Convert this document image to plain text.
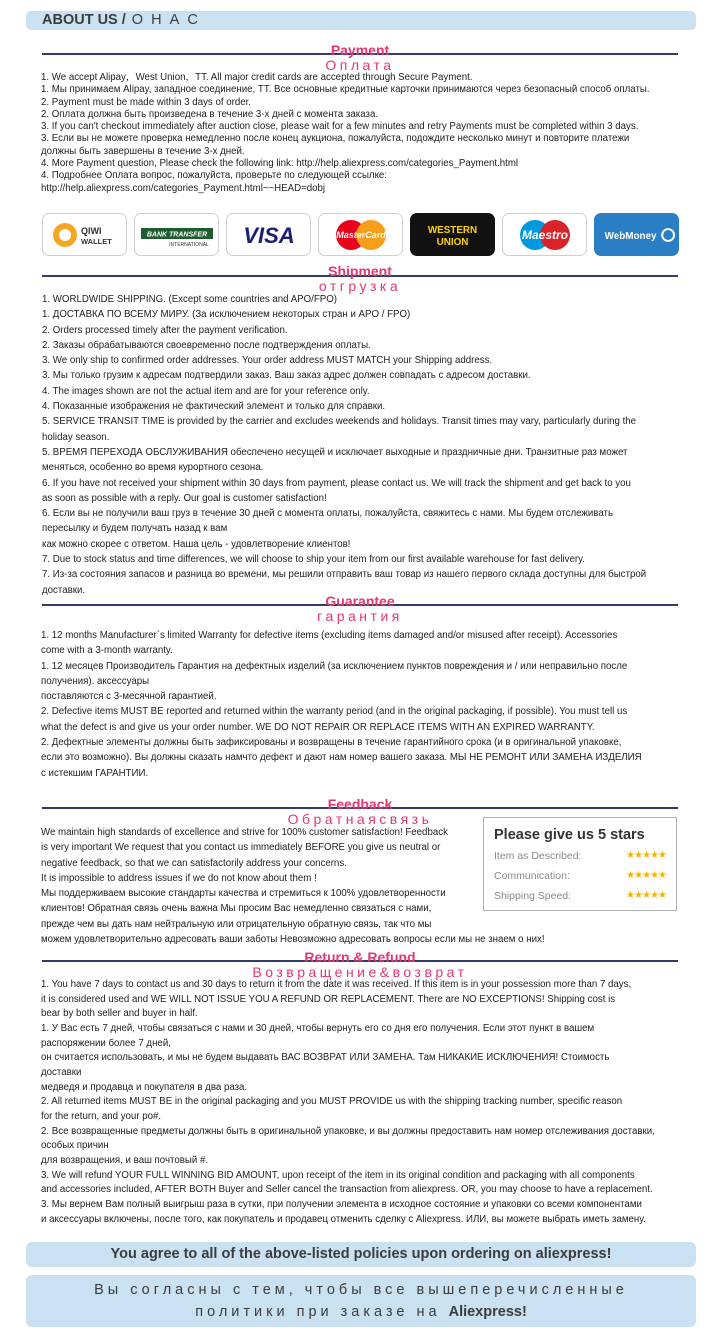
ABOUT US / О Н А С
Payment
Оплата
1. We accept Alipay，West Union，TT. All major credit cards are accepted through Secure Payment.
1. Мы принимаем Alipay, западное соединение, TT. Все основные кредитные карточки принимаются через безопасный способ оплаты.
2. Payment must be made within 3 days of order.
2. Оплата должна быть произведена в течение 3-х дней с момента заказа.
3. If you can't checkout immediately after auction close, please wait for a few minutes and retry Payments must be completed within 3 days.
3. Если вы не можете проверка немедленно после конец аукциона, пожалуйста, подождите несколько минут и повторите платежи
должны быть завершены в течение 3-х дней.
4. More Payment question, Please check the following link: http://help.aliexpress.com/categories_Payment.html
4. Подробнее Оплата вопрос, пожалуйста, проверьте по следующей ссылке:
http://help.aliexpress.com/categories_Payment.html~~HEAD=dobj
QIWI
WALLET
BANK TRANSFER
INTERNATIONAL VISA	MasterCard	WESTERN
UNION
Maestro	WebMoney
Shipment
отгрузка
1. WORLDWIDE SHIPPING. (Except some countries and APO/FPO)
1. ДОСТАВКА ПО ВСЕМУ МИРУ. (За исключением некоторых стран и APO / FPO)
2. Orders processed timely after the payment verification.
2. Заказы обрабатываются своевременно после подтверждения оплаты.
3. We only ship to confirmed order addresses. Your order address MUST MATCH your Shipping address.
3. Мы только грузим к адресам подтвердили заказ. Ваш заказ адрес должен совпадать с адресом доставки.
4. The images shown are not the actual item and are for your reference only.
4. Показанные изображения не фактический элемент и только для справки.
5. SERVICE TRANSIT TIME is provided by the carrier and excludes weekends and holidays. Transit times may vary, particularly during the
holiday season.
5. ВРЕМЯ ПЕРЕХОДА ОБСЛУЖИВАНИЯ обеспечено несущей и исключает выходные и праздничные дни. Транзитные раз может
меняться, особенно во время курортного сезона.
6. If you have not received your shipment within 30 days from payment, please contact us. We will track the shipment and get back to you
as soon as possible with a reply. Our goal is customer satisfaction!
6. Если вы не получили ваш груз в течение 30 дней с момента оплаты, пожалуйста, свяжитесь с нами. Мы будем отслеживать
пересылку и будем получать назад к вам
как можно скорее с ответом. Наша цель - удовлетворение клиентов!
7. Due to stock status and time differences, we will choose to ship your item from our first available warehouse for fast delivery.
7. Из-за состояния запасов и разница во времени, мы решили отправить ваш товар из нашего первого склада доступны для быстрой
доставки.
Guarantee
гарантия
1. 12 months Manufacturer`s limited Warranty for defective items (excluding items damaged and/or misused after receipt). Accessories
come with a 3-month warranty.
1. 12 месяцев Производитель Гарантия на дефектных изделий (за исключением пунктов повреждения и / или неправильно после
получения). аксессуары
поставляются с 3-месячной гарантией.
2. Defective items MUST BE reported and returned within the warranty period (and in the original packaging, if possible). You must tell us
what the defect is and give us your order number. WE DO NOT REPAIR OR REPLACE ITEMS WITH AN EXPIRED WARRANTY.
2. Дефектные элементы должны быть зафиксированы и возвращены в течение гарантийного срока (и в оригинальной упаковке,
если это возможно). Вы должны сказать намчто дефект и дают нам номер вашего заказа. МЫ НЕ РЕМОНТ ИЛИ ЗАМЕНА ИЗДЕЛИЯ
с истекшим ГАРАНТИИ.
Feedback
Обратнаясвязь
We maintain high standards of excellence and strive for 100% customer satisfaction! Feedback
is very important We request that you contact us immediately BEFORE you give us neutral or
negative feedback, so that we can satisfactorily address your concerns.
It is impossible to address issues if we do not know about them !
Мы поддерживаем высокие стандарты качества и стремиться к 100% удовлетворенности
клиентов! Обратная связь очень важна Мы просим Вас немедленно связаться с нами,
прежде чем вы дать нам нейтральную или отрицательную обратную связь, так что мы
можем удовлетворительно адресовать ваши заботы Невозможно адресовать вопросы если мы не знаем о них!
Please give us 5 stars
Item as Described:	★★★★★
Communication:	★★★★★
Shipping Speed:	★★★★★
Return & Refund
Возвращение&возврат
1. You have 7 days to contact us and 30 days to return it from the date it was received. If this item is in your possession more than 7 days,
it is considered used and WE WILL NOT ISSUE YOU A REFUND OR REPLACEMENT. There are NO EXCEPTIONS! Shipping cost is
bear by both seller and buyer in half.
1. У Вас есть 7 дней, чтобы связаться с нами и 30 дней, чтобы вернуть его со дня его получения. Если этот пункт в вашем
распоряжении более 7 дней,
он считается использовать, и мы не будем выдавать ВАС ВОЗВРАТ ИЛИ ЗАМЕНА. Там НИКАКИЕ ИСКЛЮЧЕНИЯ! Стоимость
доставки
медведя и продавца и покупателя в два раза.
2. All returned items MUST BE in the original packaging and you MUST PROVIDE us with the shipping tracking number, specific reason
for the return, and your po#.
2. Все возвращенные предметы должны быть в оригинальной упаковке, и вы должны предоставить нам номер отслеживания доставки,
особых причин
для возвращения, и ваш почтовый #.
3. We will refund YOUR FULL WINNING BID AMOUNT, upon receipt of the item in its original condition and packaging with all components
and accessories included, AFTER BOTH Buyer and Seller cancel the transaction from aliexpress. OR, you may choose to have a replacement.
3. Мы вернем Вам полный выигрыш раза в сутки, при получении элемента в исходное состояние и упаковки со всеми компонентами
и аксессуары включены, после того, как покупатель и продавец отменить сделку с Aliexpress. ИЛИ, вы можете выбрать иметь замену.
You agree to all of the above-listed policies upon ordering on aliexpress!
Вы согласны с тем, чтобы все вышеперечисленные
политики при заказе на Aliexpress!
